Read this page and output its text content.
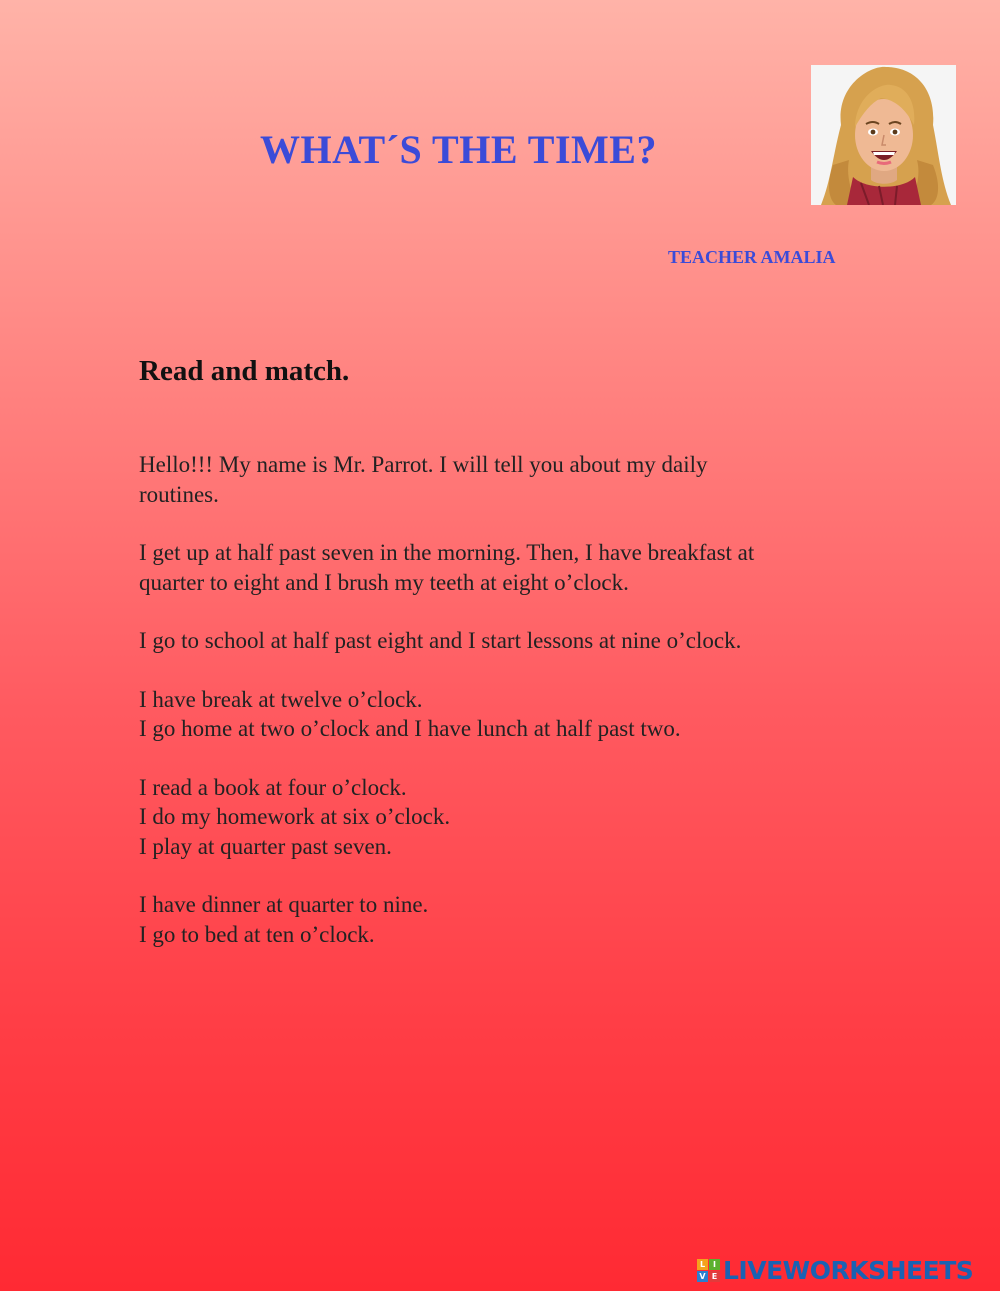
WHAT´S THE TIME?

TEACHER AMALIA

Read and match.

Hello!!! My name is Mr. Parrot. I will tell you about my daily
routines.

I get up at half past seven in the morning. Then, I have breakfast at
quarter to eight and I brush my teeth at eight o’clock.

I go to school at half past eight and I start lessons at nine o’clock.

I have break at twelve o’clock.
I go home at two o’clock and I have lunch at half past two.

I read a book at four o’clock.
I do my homework at six o’clock.
I play at quarter past seven.

I have dinner at quarter to nine.
I go to bed at ten o’clock.

L I
V E LIVEWORKSHEETS
